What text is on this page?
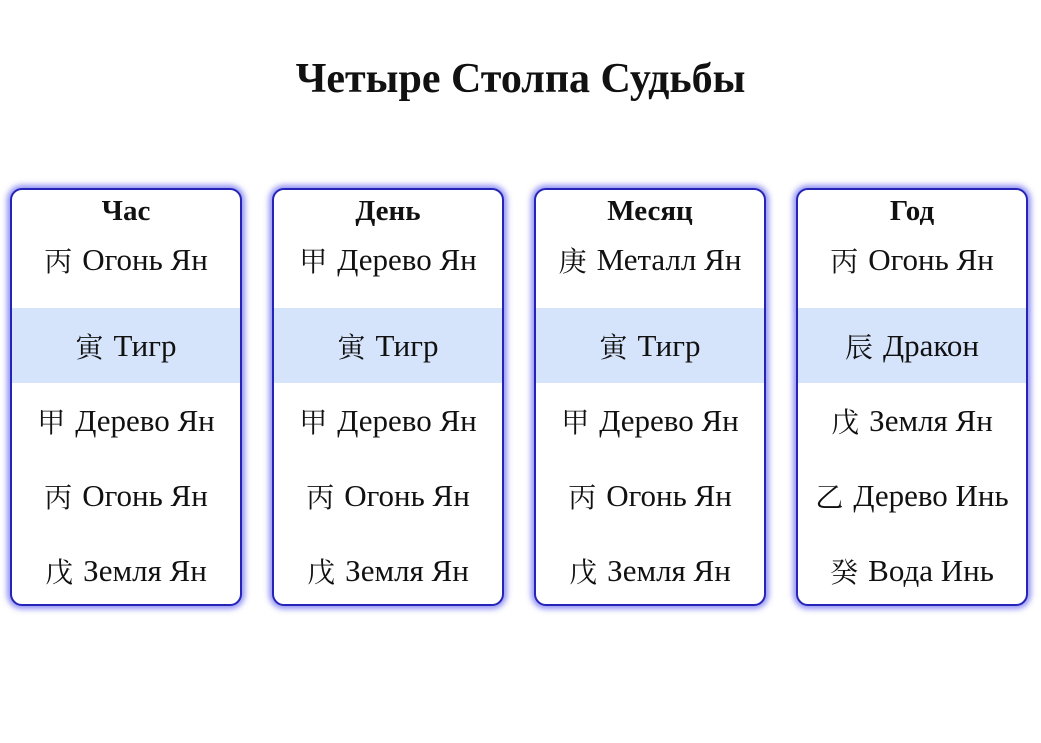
Четыре Столпа Судьбы
Час
丙 Огонь Ян
寅 Тигр
甲 Дерево Ян
丙 Огонь Ян
戊 Земля Ян
День
甲 Дерево Ян
寅 Тигр
甲 Дерево Ян
丙 Огонь Ян
戊 Земля Ян
Месяц
庚 Металл Ян
寅 Тигр
甲 Дерево Ян
丙 Огонь Ян
戊 Земля Ян
Год
丙 Огонь Ян
辰 Дракон
戊 Земля Ян
乙 Дерево Инь
癸 Вода Инь
